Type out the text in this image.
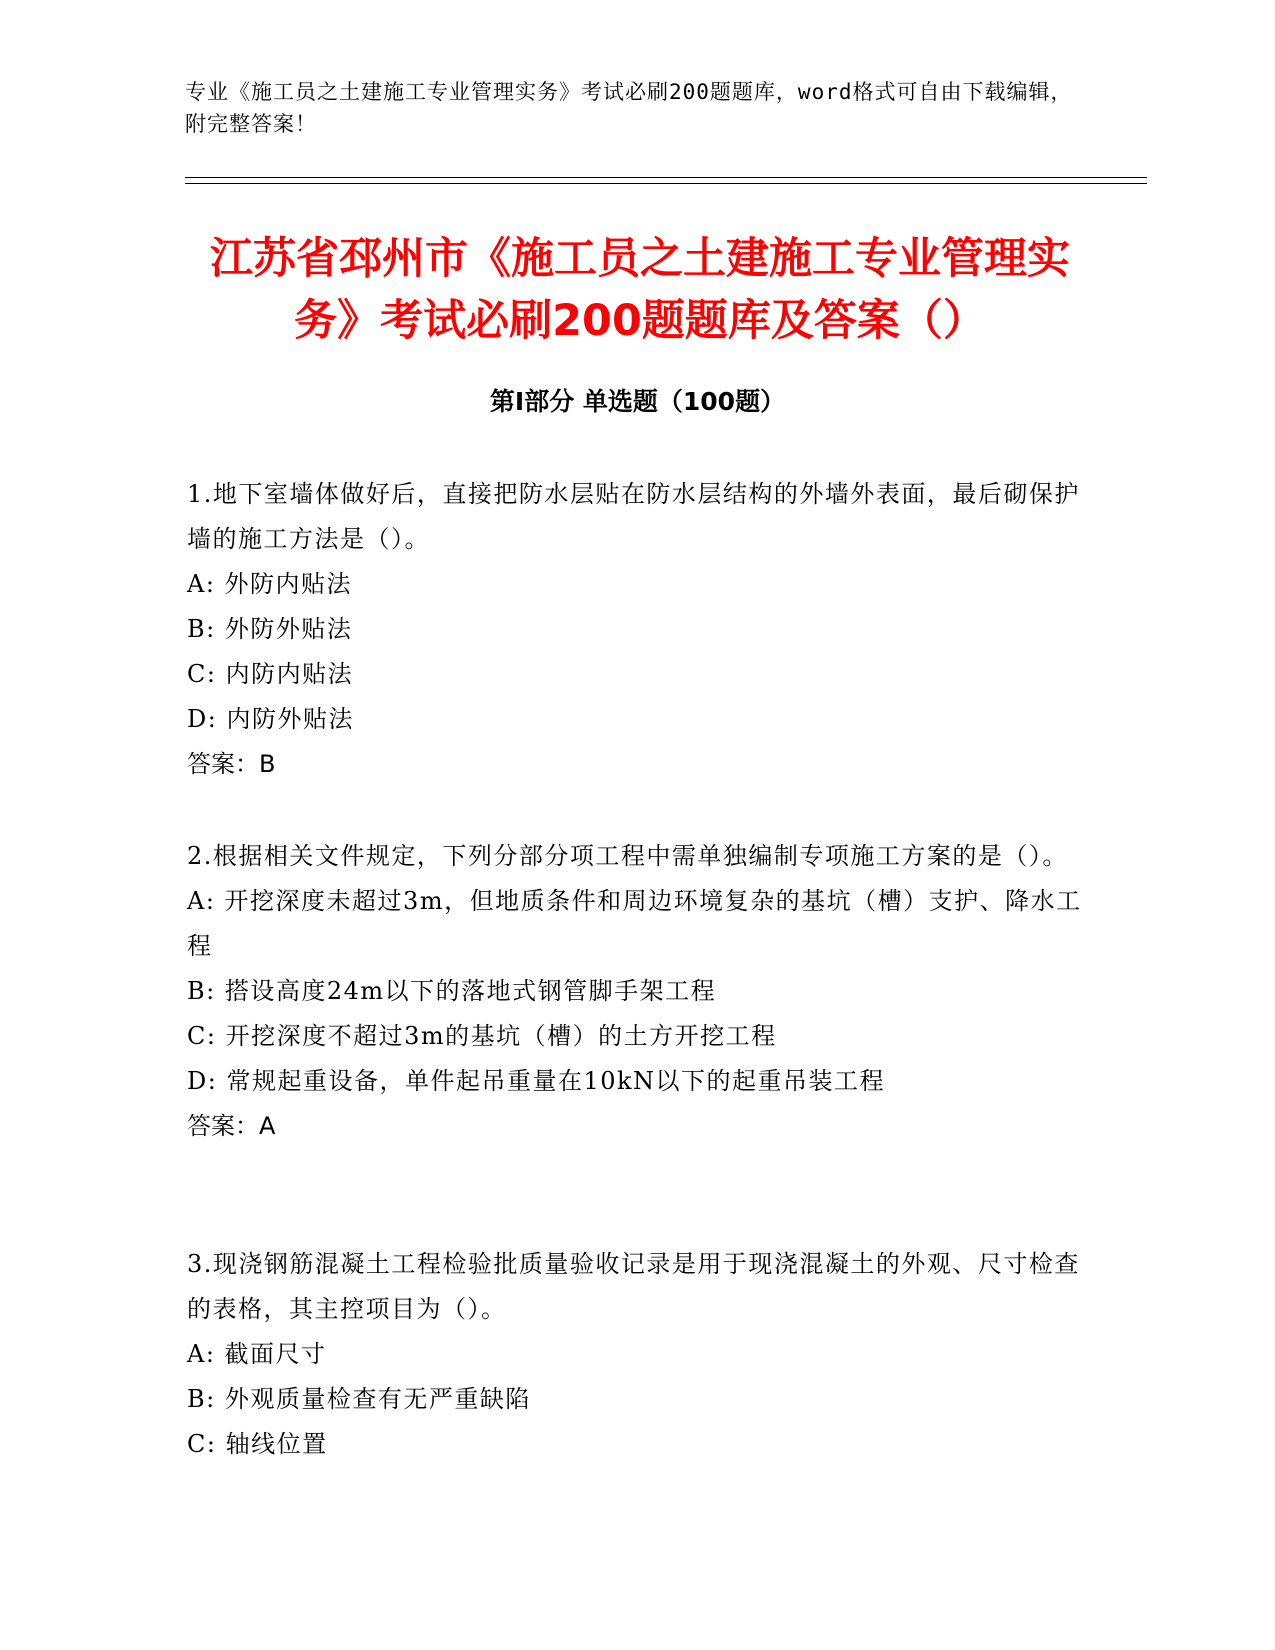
专业《施工员之土建施工专业管理实务》考试必刷200题题库，word格式可自由下载编辑，附完整答案！
江苏省邳州市《施工员之土建施工专业管理实务》考试必刷200题题库及答案（）
第Ⅰ部分 单选题（100题）

1.地下室墙体做好后，直接把防水层贴在防水层结构的外墙外表面，最后砌保护墙的施工方法是（）。

A: 外防内贴法

B: 外防外贴法

C: 内防内贴法

D: 内防外贴法

答案：B

2.根据相关文件规定，下列分部分项工程中需单独编制专项施工方案的是（）。

A: 开挖深度未超过3m，但地质条件和周边环境复杂的基坑（槽）支护、降水工程

B: 搭设高度24m以下的落地式钢管脚手架工程

C: 开挖深度不超过3m的基坑（槽）的土方开挖工程

D: 常规起重设备，单件起吊重量在10kN以下的起重吊装工程

答案：A

3.现浇钢筋混凝土工程检验批质量验收记录是用于现浇混凝土的外观、尺寸检查的表格，其主控项目为（）。

A: 截面尺寸

B: 外观质量检查有无严重缺陷

C: 轴线位置
